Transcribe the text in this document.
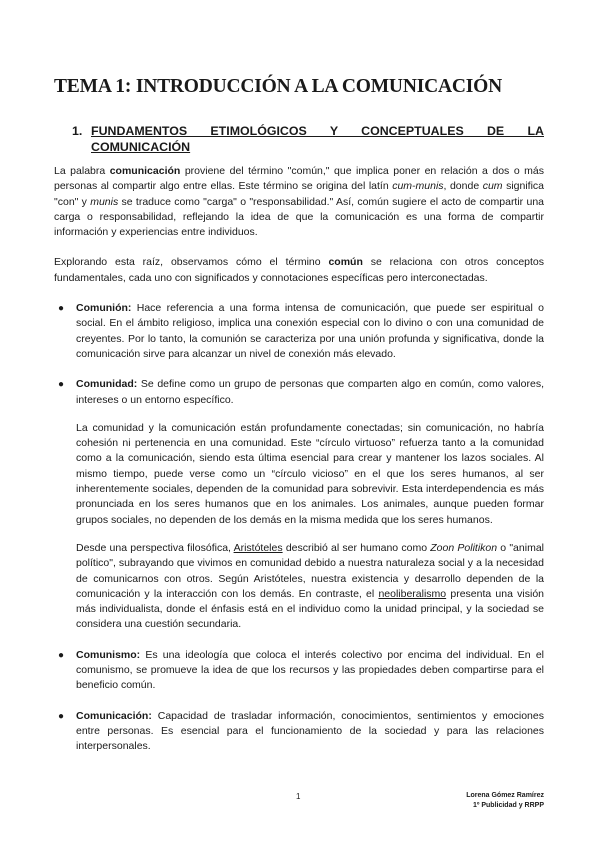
TEMA 1: INTRODUCCIÓN A LA COMUNICACIÓN
1. FUNDAMENTOS ETIMOLÓGICOS Y CONCEPTUALES DE LA COMUNICACIÓN

La palabra comunicación proviene del término "común," que implica poner en relación a dos o más personas al compartir algo entre ellas. Este término se origina del latín cum-munis, donde cum significa "con" y munis se traduce como "carga" o "responsabilidad." Así, común sugiere el acto de compartir una carga o responsabilidad, reflejando la idea de que la comunicación es una forma de compartir información y experiencias entre individuos.

Explorando esta raíz, observamos cómo el término común se relaciona con otros conceptos fundamentales, cada uno con significados y connotaciones específicas pero interconectadas.

● Comunión: Hace referencia a una forma intensa de comunicación, que puede ser espiritual o social. En el ámbito religioso, implica una conexión especial con lo divino o con una comunidad de creyentes. Por lo tanto, la comunión se caracteriza por una unión profunda y significativa, donde la comunicación sirve para alcanzar un nivel de conexión más elevado.

● Comunidad: Se define como un grupo de personas que comparten algo en común, como valores, intereses o un entorno específico.

La comunidad y la comunicación están profundamente conectadas; sin comunicación, no habría cohesión ni pertenencia en una comunidad. Este “círculo virtuoso” refuerza tanto a la comunidad como a la comunicación, siendo esta última esencial para crear y mantener los lazos sociales. Al mismo tiempo, puede verse como un “círculo vicioso” en el que los seres humanos, al ser inherentemente sociales, dependen de la comunidad para sobrevivir. Esta interdependencia es más pronunciada en los seres humanos que en los animales. Los animales, aunque pueden formar grupos sociales, no dependen de los demás en la misma medida que los seres humanos.

Desde una perspectiva filosófica, Aristóteles describió al ser humano como Zoon Politikon o "animal político", subrayando que vivimos en comunidad debido a nuestra naturaleza social y a la necesidad de comunicarnos con otros. Según Aristóteles, nuestra existencia y desarrollo dependen de la comunicación y la interacción con los demás. En contraste, el neoliberalismo presenta una visión más individualista, donde el énfasis está en el individuo como la unidad principal, y la sociedad se considera una cuestión secundaria.

● Comunismo: Es una ideología que coloca el interés colectivo por encima del individual. En el comunismo, se promueve la idea de que los recursos y las propiedades deben compartirse para el beneficio común.

● Comunicación: Capacidad de trasladar información, conocimientos, sentimientos y emociones entre personas. Es esencial para el funcionamiento de la sociedad y para las relaciones interpersonales.

1	Lorena Gómez Ramírez
1º Publicidad y RRPP
